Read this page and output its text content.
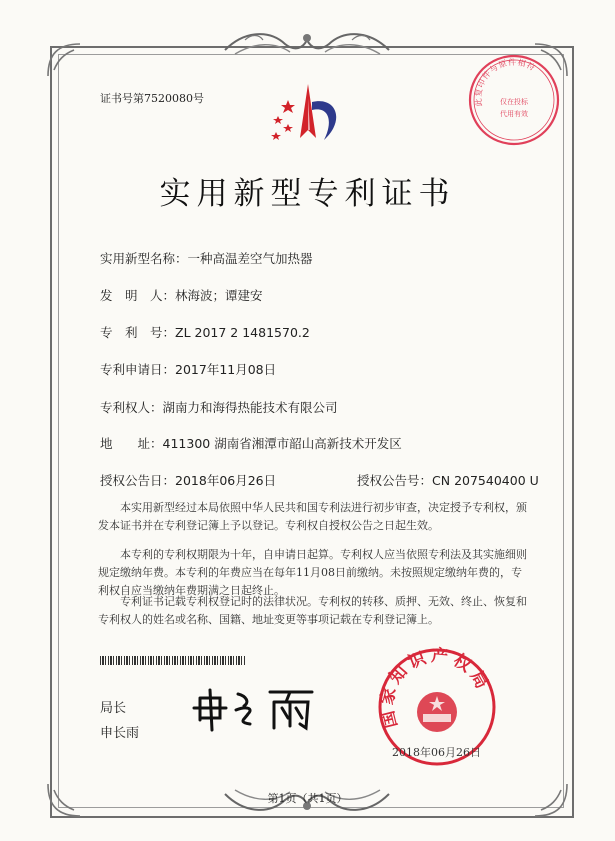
证书号第7520080号	此复印件与原件相符
仅在投标
代用有效
实用新型专利证书
实用新型名称：一种高温差空气加热器
发　明　人：林海波；谭建安
专　利　号：ZL 2017 2 1481570.2
专利申请日：2017年11月08日
专利权人：湖南力和海得热能技术有限公司
地　　址：411300 湖南省湘潭市韶山高新技术开发区
授权公告日：2018年06月26日	授权公告号：CN 207540400 U
本实用新型经过本局依照中华人民共和国专利法进行初步审查，决定授予专利权，颁发本证书并在专利登记簿上予以登记。专利权自授权公告之日起生效。
本专利的专利权期限为十年，自申请日起算。专利权人应当依照专利法及其实施细则规定缴纳年费。本专利的年费应当在每年11月08日前缴纳。未按照规定缴纳年费的，专利权自应当缴纳年费期满之日起终止。
专利证书记载专利权登记时的法律状况。专利权的转移、质押、无效、终止、恢复和专利权人的姓名或名称、国籍、地址变更等事项记载在专利登记簿上。
局长
申长雨
国家知识产权局
2018年06月26日
第1页（共1页）
